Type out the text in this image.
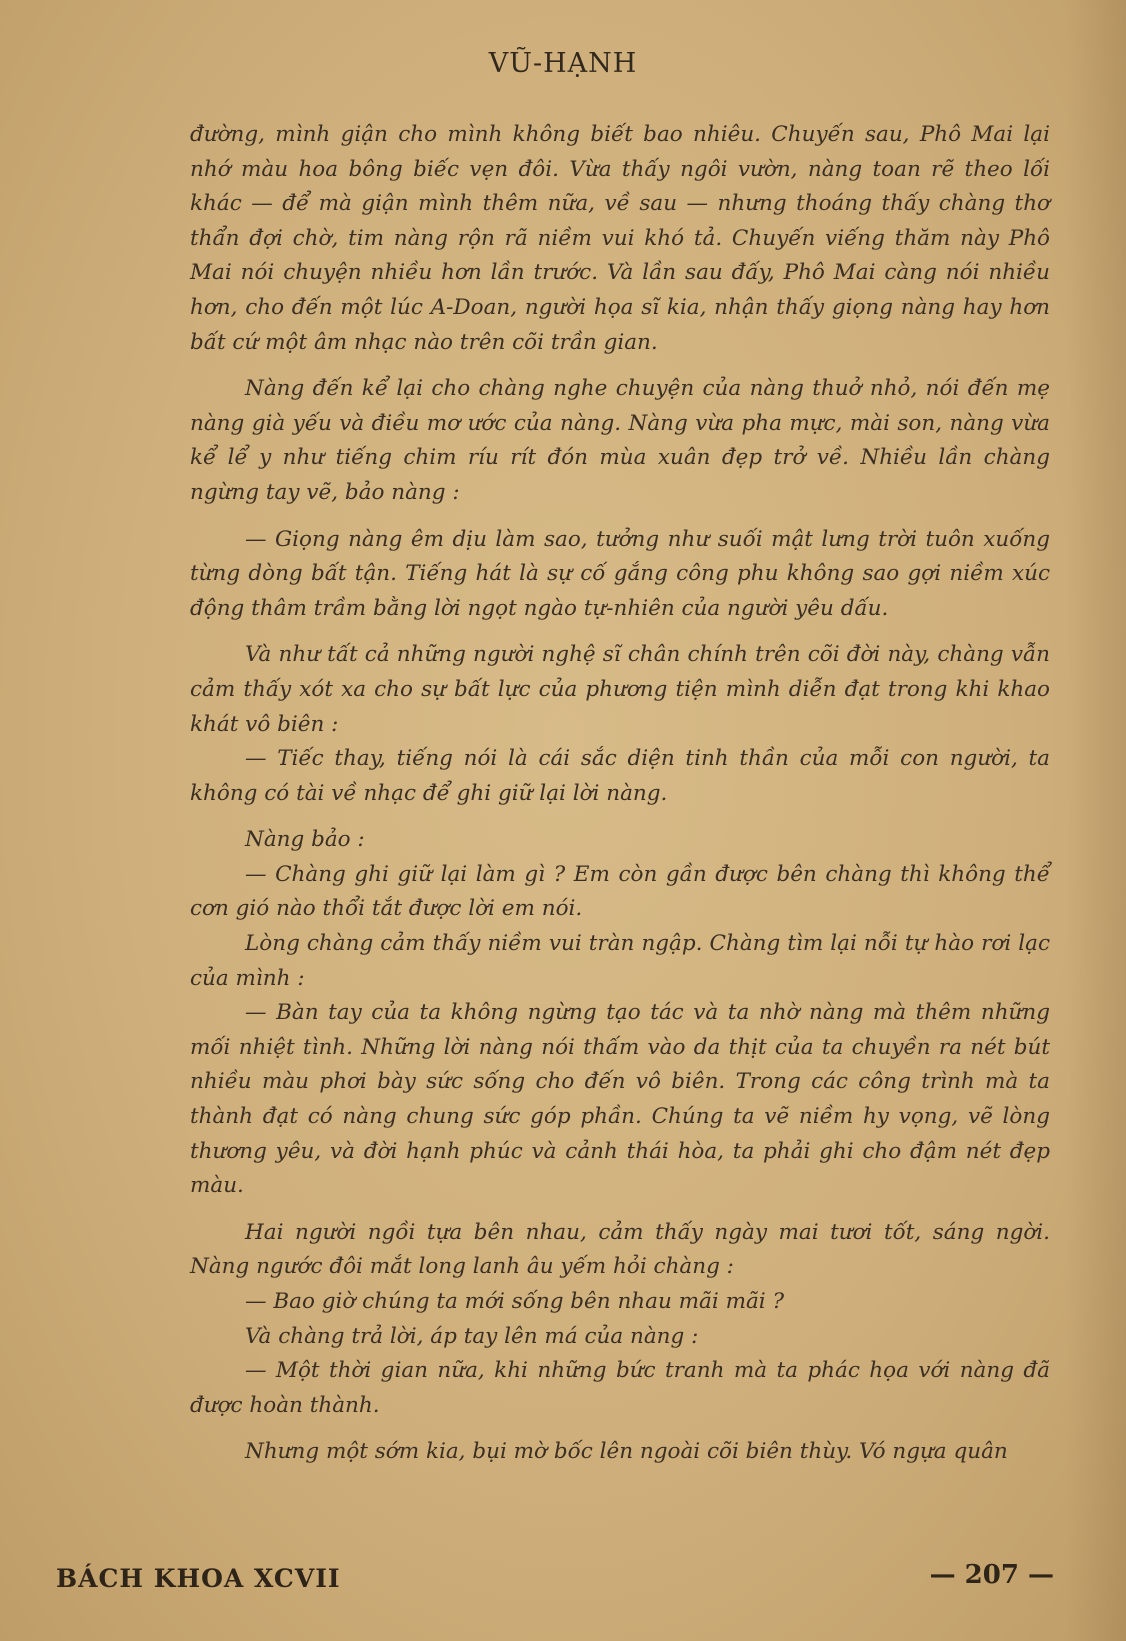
VŨ-HẠNH

đường, mình giận cho mình không biết bao nhiêu. Chuyến sau, Phô Mai lại nhớ màu hoa bông biếc vẹn đôi. Vừa thấy ngôi vườn, nàng toan rẽ theo lối khác — để mà giận mình thêm nữa, về sau — nhưng thoáng thấy chàng thơ thẩn đợi chờ, tim nàng rộn rã niềm vui khó tả. Chuyến viếng thăm này Phô Mai nói chuyện nhiều hơn lần trước. Và lần sau đấy, Phô Mai càng nói nhiều hơn, cho đến một lúc A-Doan, người họa sĩ kia, nhận thấy giọng nàng hay hơn bất cứ một âm nhạc nào trên cõi trần gian.

Nàng đến kể lại cho chàng nghe chuyện của nàng thuở nhỏ, nói đến mẹ nàng già yếu và điều mơ ước của nàng. Nàng vừa pha mực, mài son, nàng vừa kể lể y như tiếng chim ríu rít đón mùa xuân đẹp trở về. Nhiều lần chàng ngừng tay vẽ, bảo nàng :

— Giọng nàng êm dịu làm sao, tưởng như suối mật lưng trời tuôn xuống từng dòng bất tận. Tiếng hát là sự cố gắng công phu không sao gợi niềm xúc động thâm trầm bằng lời ngọt ngào tự-nhiên của người yêu dấu.

Và như tất cả những người nghệ sĩ chân chính trên cõi đời này, chàng vẫn cảm thấy xót xa cho sự bất lực của phương tiện mình diễn đạt trong khi khao khát vô biên :

— Tiếc thay, tiếng nói là cái sắc diện tinh thần của mỗi con người, ta không có tài về nhạc để ghi giữ lại lời nàng.

Nàng bảo :

— Chàng ghi giữ lại làm gì ? Em còn gần được bên chàng thì không thể cơn gió nào thổi tắt được lời em nói.

Lòng chàng cảm thấy niềm vui tràn ngập. Chàng tìm lại nỗi tự hào rơi lạc của mình :

— Bàn tay của ta không ngừng tạo tác và ta nhờ nàng mà thêm những mối nhiệt tình. Những lời nàng nói thấm vào da thịt của ta chuyền ra nét bút nhiều màu phơi bày sức sống cho đến vô biên. Trong các công trình mà ta thành đạt có nàng chung sức góp phần. Chúng ta vẽ niềm hy vọng, vẽ lòng thương yêu, và đời hạnh phúc và cảnh thái hòa, ta phải ghi cho đậm nét đẹp màu.

Hai người ngồi tựa bên nhau, cảm thấy ngày mai tươi tốt, sáng ngời. Nàng ngước đôi mắt long lanh âu yếm hỏi chàng :

— Bao giờ chúng ta mới sống bên nhau mãi mãi ?

Và chàng trả lời, áp tay lên má của nàng :

— Một thời gian nữa, khi những bức tranh mà ta phác họa với nàng đã được hoàn thành.

Nhưng một sớm kia, bụi mờ bốc lên ngoài cõi biên thùy. Vó ngựa quân

BÁCH KHOA XCVII	— 207 —
